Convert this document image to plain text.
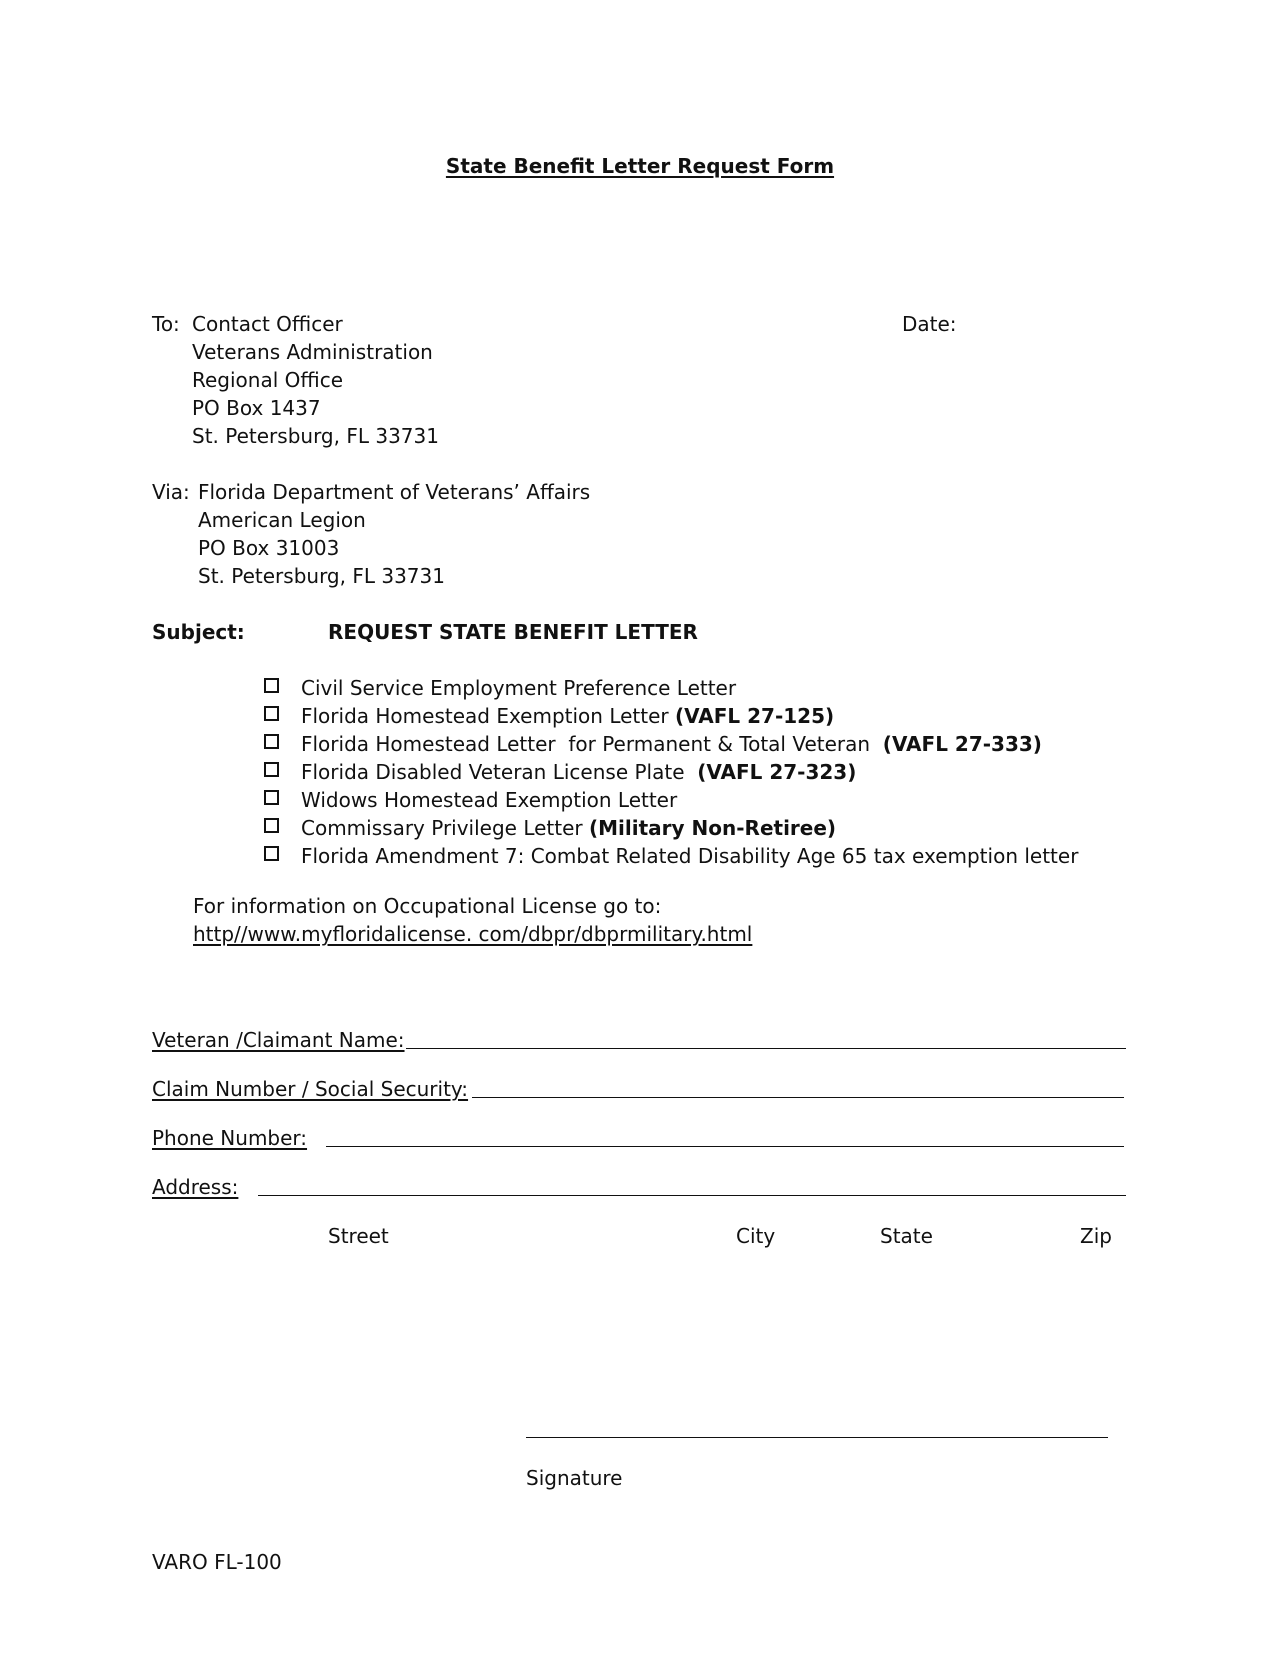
State Benefit Letter Request Form
To: Contact Officer
Veterans Administration
Regional Office
PO Box 1437
St. Petersburg, FL 33731
Date:
Via: Florida Department of Veterans’ Affairs
American Legion
PO Box 31003
St. Petersburg, FL 33731
Subject:	REQUEST STATE BENEFIT LETTER
Civil Service Employment Preference Letter
Florida Homestead Exemption Letter (VAFL 27-125)
Florida Homestead Letter  for Permanent & Total Veteran (VAFL 27-333)
Florida Disabled Veteran License Plate (VAFL 27-323)
Widows Homestead Exemption Letter
Commissary Privilege Letter (Military Non-Retiree)
Florida Amendment 7: Combat Related Disability Age 65 tax exemption letter
For information on Occupational License go to:
http//www.myfloridalicense. com/dbpr/dbprmilitary.html
Veteran /Claimant Name:
Claim Number / Social Security:
Phone Number:
Address:
Street	City	State	Zip
Signature
VARO FL-100
